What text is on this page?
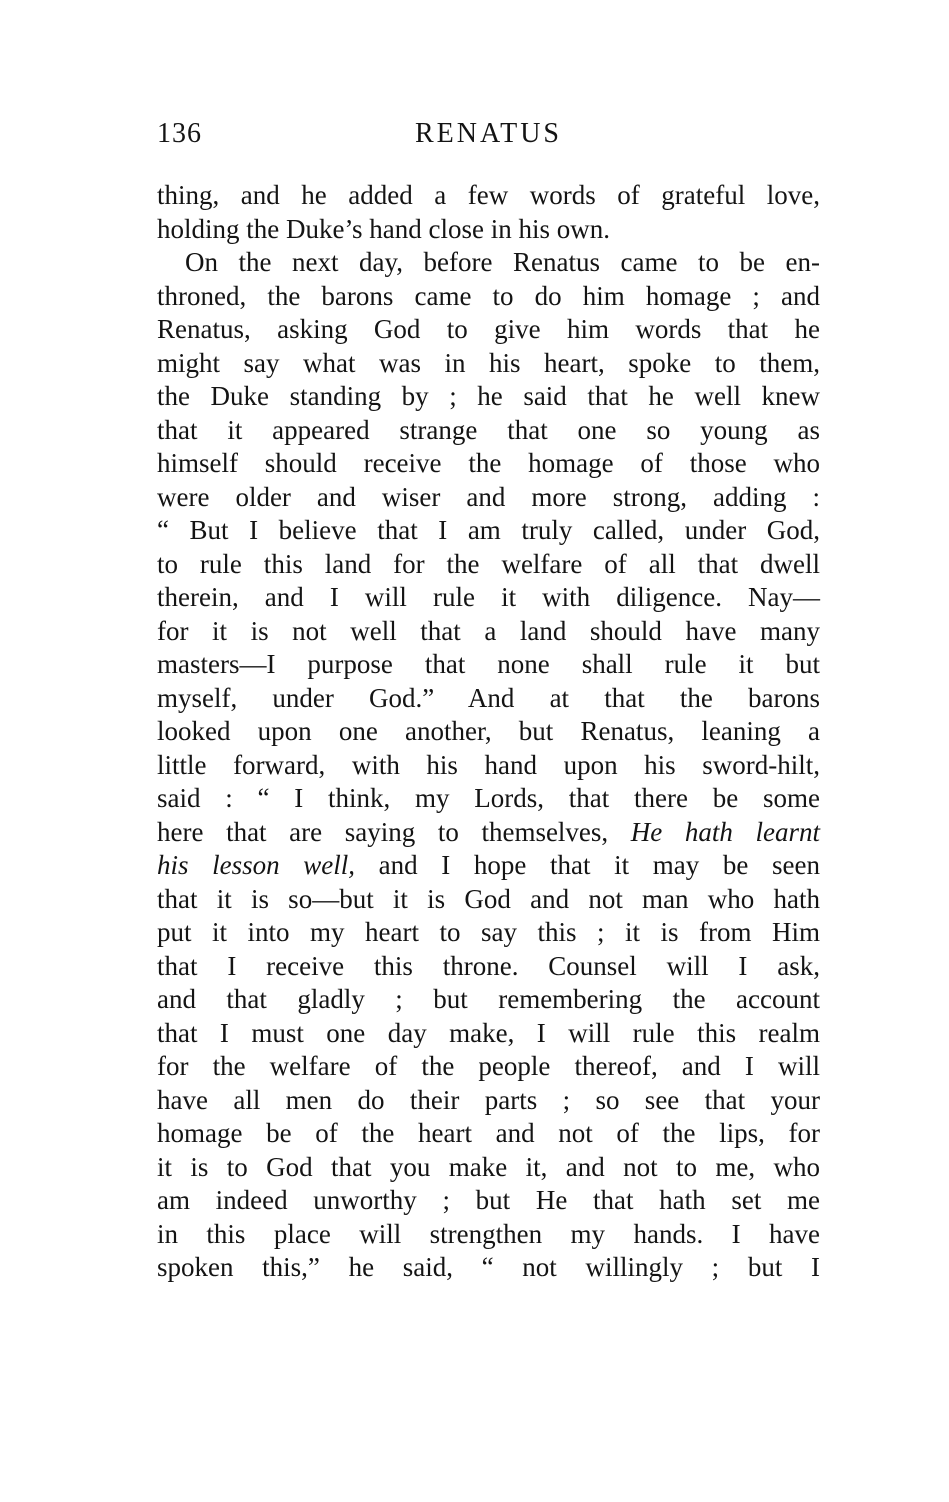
RENATUS
136
thing, and he added a few words of grateful love,
holding the Duke’s hand close in his own.
On the next day, before Renatus came to be en-
throned, the barons came to do him homage ; and
Renatus, asking God to give him words that he
might say what was in his heart, spoke to them,
the Duke standing by ; he said that he well knew
that it appeared strange that one so young as
himself should receive the homage of those who
were older and wiser and more strong, adding :
“ But I believe that I am truly called, under God,
to rule this land for the welfare of all that dwell
therein, and I will rule it with diligence. Nay—
for it is not well that a land should have many
masters—I purpose that none shall rule it but
myself, under God.” And at that the barons
looked upon one another, but Renatus, leaning a
little forward, with his hand upon his sword-hilt,
said : “ I think, my Lords, that there be some
here that are saying to themselves, He hath learnt
his lesson well, and I hope that it may be seen
that it is so—but it is God and not man who hath
put it into my heart to say this ; it is from Him
that I receive this throne. Counsel will I ask,
and that gladly ; but remembering the account
that I must one day make, I will rule this realm
for the welfare of the people thereof, and I will
have all men do their parts ; so see that your
homage be of the heart and not of the lips, for
it is to God that you make it, and not to me, who
am indeed unworthy ; but He that hath set me
in this place will strengthen my hands. I have
spoken this,” he said, “ not willingly ; but I
